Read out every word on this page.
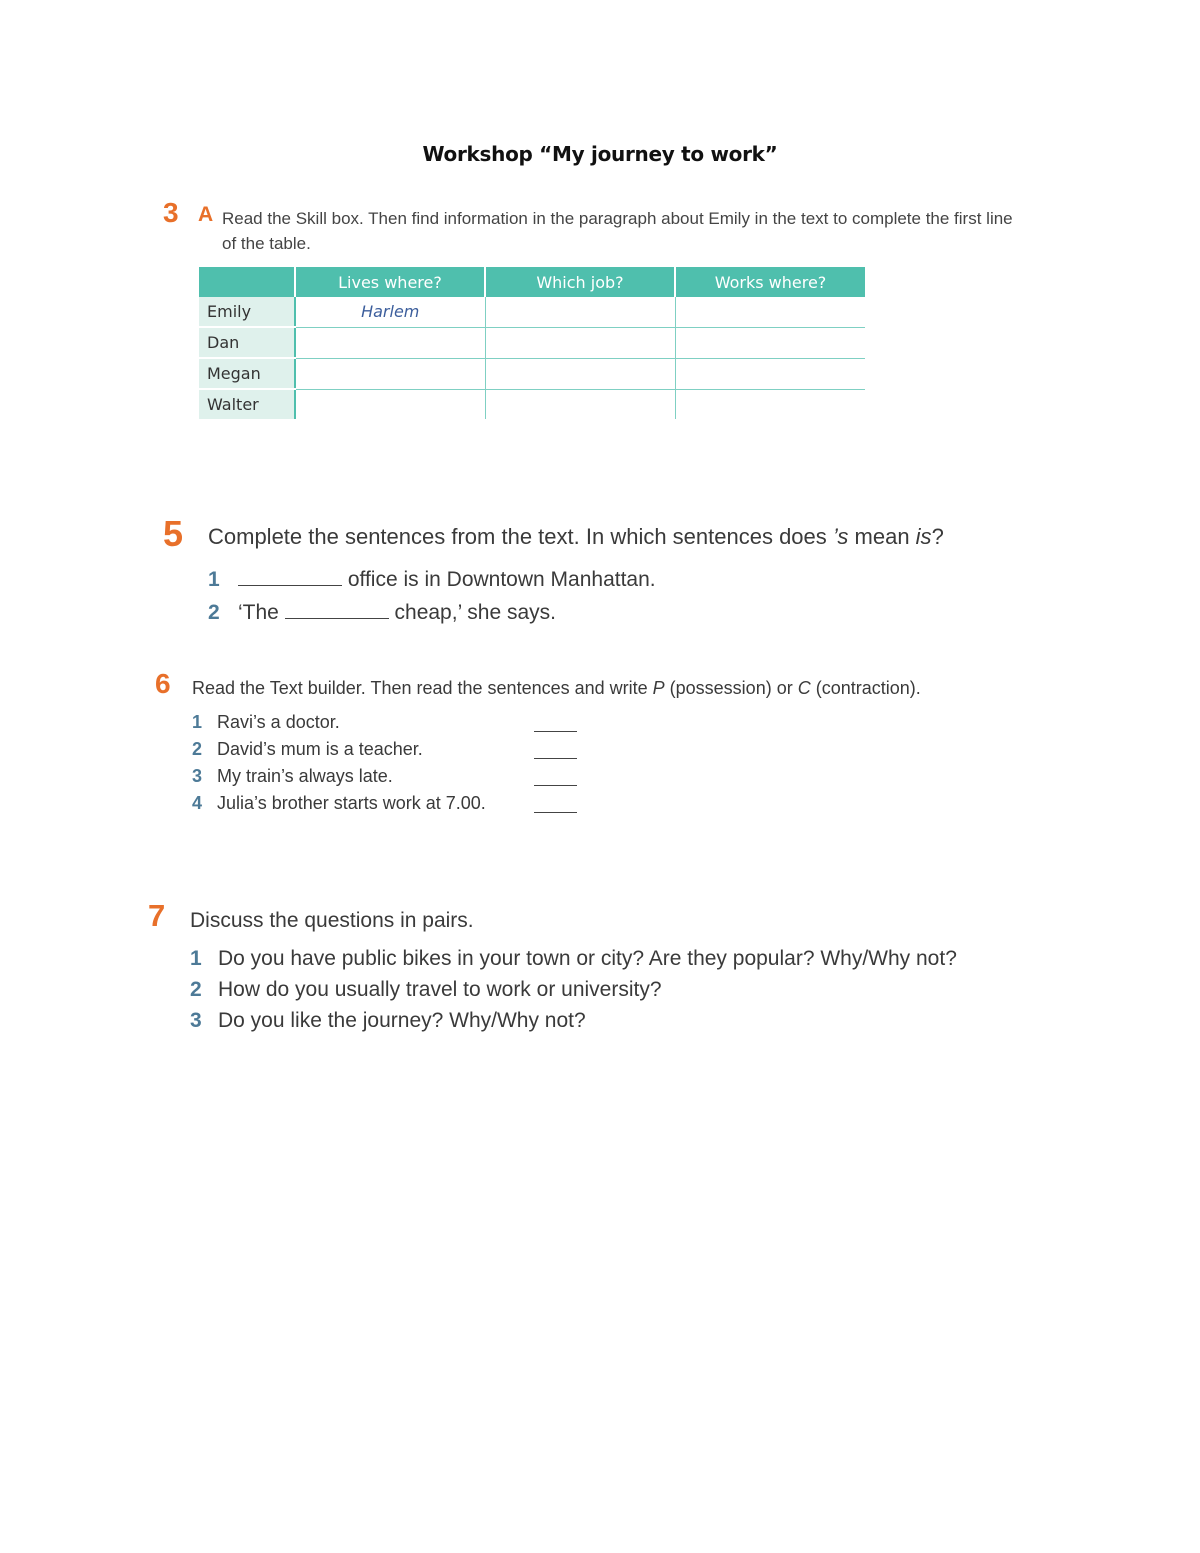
Workshop “My journey to work”
3 A Read the Skill box. Then find information in the paragraph about Emily in the text to complete the first line of the table.
	Lives where?	Which job?	Works where?
Emily	Harlem		
Dan			
Megan			
Walter			
5 Complete the sentences from the text. In which sentences does ’s mean is?
1	office is in Downtown Manhattan.
2 ‘The	cheap,’ she says.
6 Read the Text builder. Then read the sentences and write P (possession) or C (contraction).
1 Ravi’s a doctor.
2 David’s mum is a teacher.
3 My train’s always late.
4 Julia’s brother starts work at 7.00.
7 Discuss the questions in pairs.
1 Do you have public bikes in your town or city? Are they popular? Why/Why not?
2 How do you usually travel to work or university?
3 Do you like the journey? Why/Why not?
